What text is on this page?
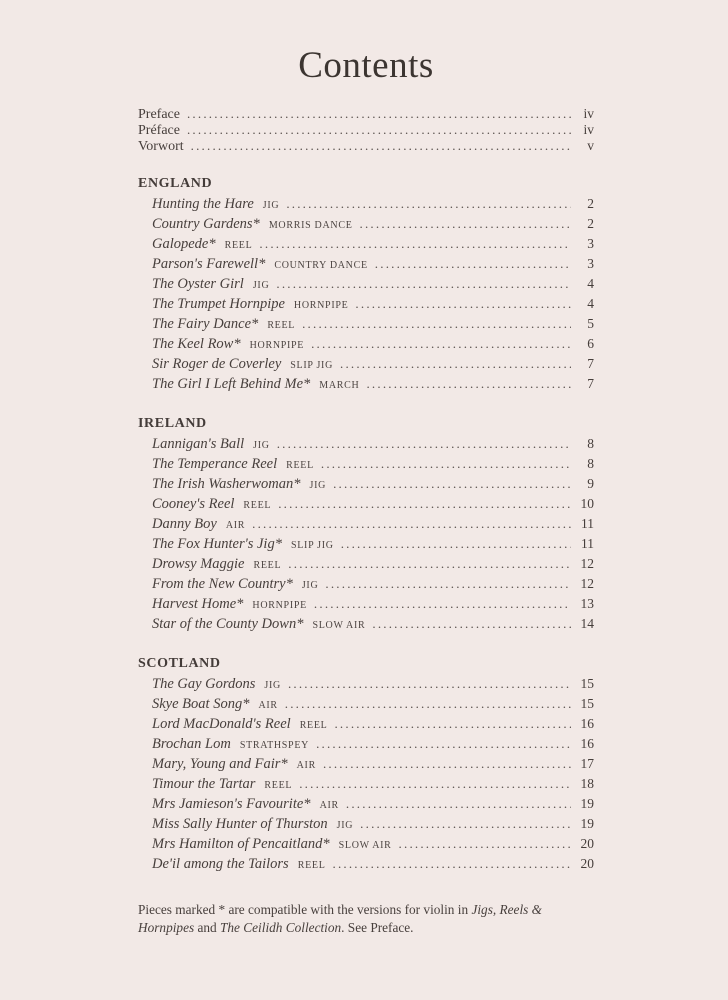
Contents
Preface .....	iv
Préface .....	iv
Vorwort .....	v
ENGLAND
Hunting the Hare JIG .....	2
Country Gardens* MORRIS DANCE .....	2
Galopede* REEL .....	3
Parson's Farewell* COUNTRY DANCE .....	3
The Oyster Girl JIG .....	4
The Trumpet Hornpipe HORNPIPE .....	4
The Fairy Dance* REEL .....	5
The Keel Row* HORNPIPE .....	6
Sir Roger de Coverley SLIP JIG .....	7
The Girl I Left Behind Me* MARCH .....	7
IRELAND
Lannigan's Ball JIG .....	8
The Temperance Reel REEL .....	8
The Irish Washerwoman* JIG .....	9
Cooney's Reel REEL .....	10
Danny Boy AIR .....	11
The Fox Hunter's Jig* SLIP JIG .....	11
Drowsy Maggie REEL .....	12
From the New Country* JIG .....	12
Harvest Home* HORNPIPE .....	13
Star of the County Down* SLOW AIR .....	14
SCOTLAND
The Gay Gordons JIG .....	15
Skye Boat Song* AIR .....	15
Lord MacDonald's Reel REEL .....	16
Brochan Lom STRATHSPEY .....	16
Mary, Young and Fair* AIR .....	17
Timour the Tartar REEL .....	18
Mrs Jamieson's Favourite* AIR .....	19
Miss Sally Hunter of Thurston JIG .....	19
Mrs Hamilton of Pencaitland* SLOW AIR .....	20
De'il among the Tailors REEL .....	20

Pieces marked * are compatible with the versions for violin in Jigs, Reels & Hornpipes and The Ceilidh Collection. See Preface.
